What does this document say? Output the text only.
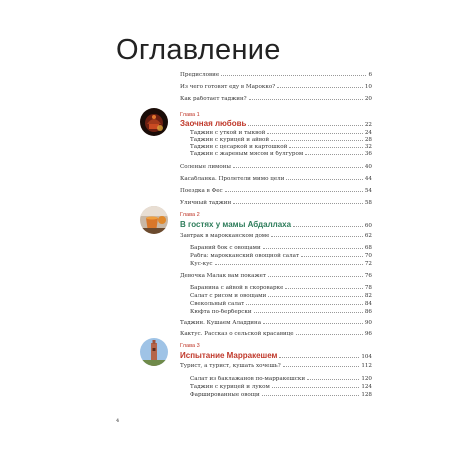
Оглавление
Предисловие	6
Из чего готовят еду в Марокко?	10
Как работает таджин?	20
Глава 1
Заочная любовь	22
Таджин с уткой и тыквой	24
Таджин с курицей и айвой	28
Таджин с цесаркой и картошкой	32
Таджин с жареным мясом и булгуром	36
Соленые лимоны	40
Касабланка. Пролетели мимо цели	44
Поездка в Фес	54
Уличный таджин	58
Глава 2
В гостях у мамы Абдаллаха	60
Завтрак в марокканском доме	62
Бараний бок с овощами	68
Рабга: марокканский овощной салат	70
Кус-кус	72
Девочка Малак вам покажет	76
Баранина с айвой в скороварке	78
Салат с рисом и овощами	82
Свекольный салат	84
Кюфта по-берберски	86
Таджин. Кушаем Аладдина	90
Кактус. Рассказ о сельской красавице	96
Глава 3
Испытание Марракешем	104
Турист, а турист, кушать хочешь?	112
Салат из баклажанов по-марракешски	120
Таджин с курицей и луком	124
Фаршированные овощи	128
4
